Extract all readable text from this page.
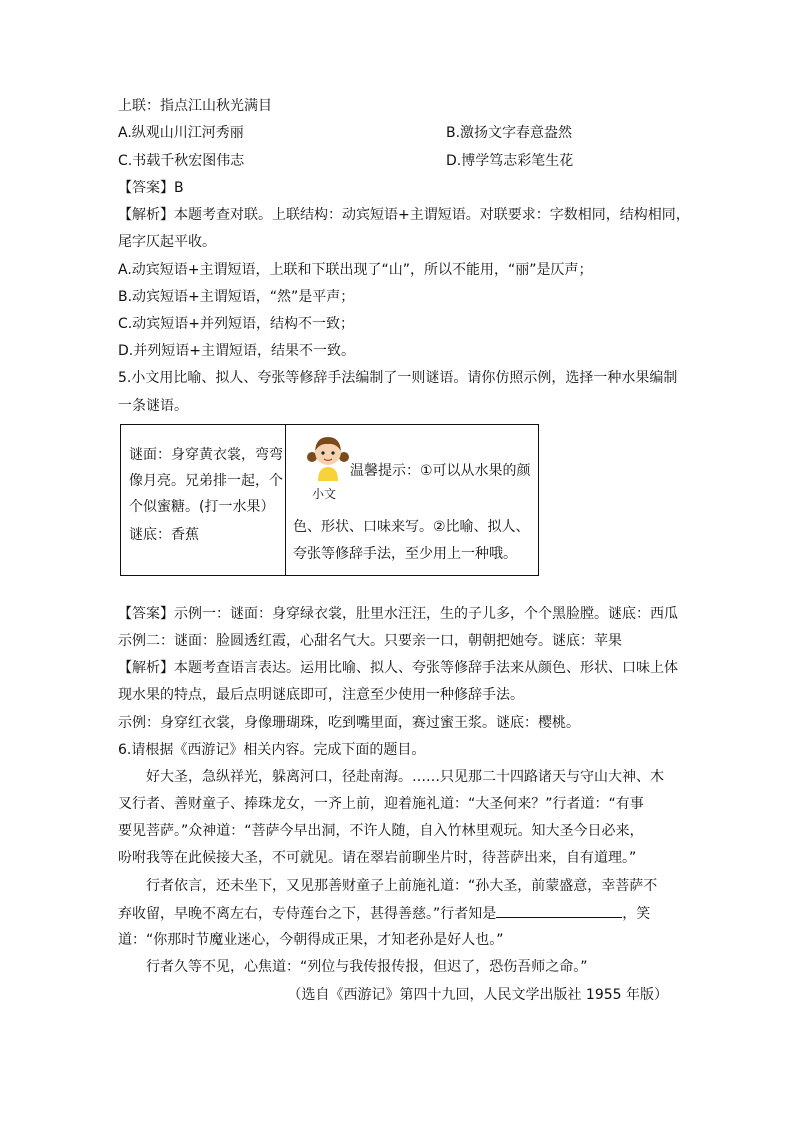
上联：指点江山秋光满目
A.纵观山川江河秀丽	B.激扬文字春意盎然
C.书载千秋宏图伟志	D.博学笃志彩笔生花
【答案】B
【解析】本题考查对联。上联结构：动宾短语+主谓短语。对联要求：字数相同，结构相同，
尾字仄起平收。
A.动宾短语+主谓短语，上联和下联出现了“山”，所以不能用，“丽”是仄声；
B.动宾短语+主谓短语，“然”是平声；
C.动宾短语+并列短语，结构不一致；
D.并列短语+主谓短语，结果不一致。
5.小文用比喻、拟人、夸张等修辞手法编制了一则谜语。请你仿照示例，选择一种水果编制
一条谜语。
谜面：身穿黄衣裳，弯弯
像月亮。兄弟排一起，个
个似蜜糖。(打一水果）
谜底：香蕉

小文
温馨提示：①可以从水果的颜
色、形状、口味来写。②比喻、拟人、
夸张等修辞手法，至少用上一种哦。
【答案】示例一：谜面：身穿绿衣裳，肚里水汪汪，生的子儿多，个个黑脸膛。谜底：西瓜
示例二：谜面：脸圆透红霞，心甜名气大。只要亲一口，朝朝把她夸。谜底：苹果
【解析】本题考查语言表达。运用比喻、拟人、夸张等修辞手法来从颜色、形状、口味上体
现水果的特点，最后点明谜底即可，注意至少使用一种修辞手法。
示例：身穿红衣裳，身像珊瑚珠，吃到嘴里面，赛过蜜王浆。谜底：樱桃。
6.请根据《西游记》相关内容。完成下面的题目。
好大圣，急纵祥光，躲离河口，径赴南海。……只见那二十四路诸天与守山大神、木
叉行者、善财童子、捧珠龙女，一齐上前，迎着施礼道：“大圣何来？”行者道：“有事
要见菩萨。”众神道：“菩萨今早出洞，不许人随，自入竹林里观玩。知大圣今日必来，
吩咐我等在此候接大圣，不可就见。请在翠岩前聊坐片时，待菩萨出来，自有道理。”
行者依言，还未坐下，又见那善财童子上前施礼道：“孙大圣，前蒙盛意，幸菩萨不
弃收留，早晚不离左右，专侍莲台之下，甚得善慈。”行者知是	，笑
道：“你那时节魔业迷心，今朝得成正果，才知老孙是好人也。”
行者久等不见，心焦道：“列位与我传报传报，但迟了，恐伤吾师之命。”
（选自《西游记》第四十九回，人民文学出版社 1955 年版）
